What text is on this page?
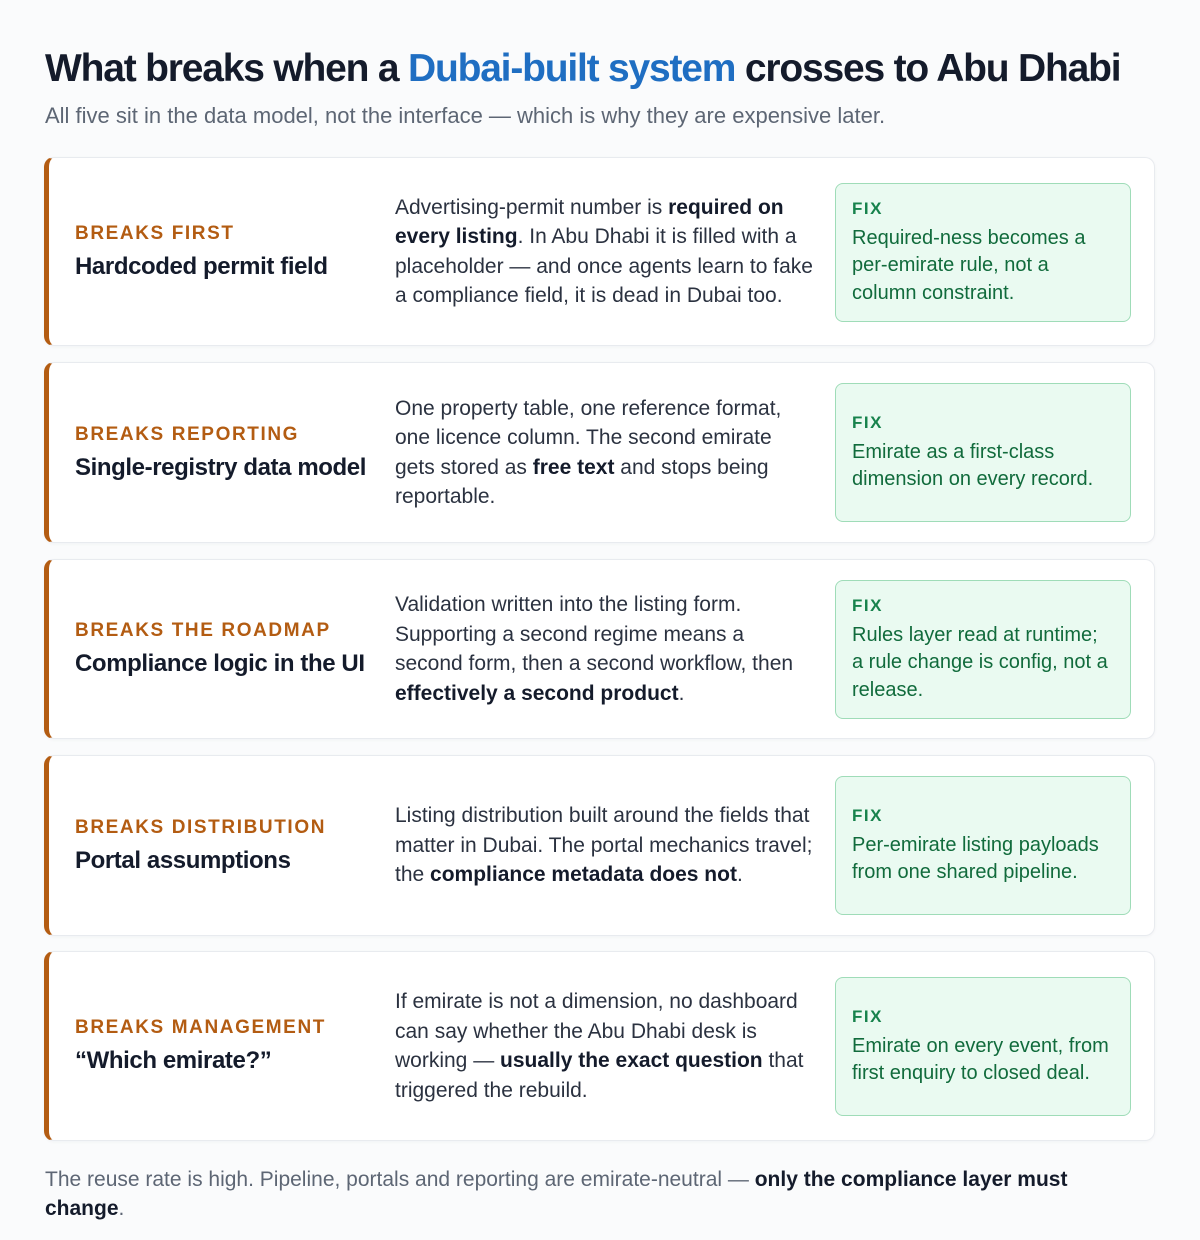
What breaks when a Dubai-built system crosses to Abu Dhabi

All five sit in the data model, not the interface — which is why they are expensive later.

BREAKS FIRST
Hardcoded permit field

Advertising-permit number is required on every listing. In Abu Dhabi it is filled with a placeholder — and once agents learn to fake a compliance field, it is dead in Dubai too.

FIX
Required-ness becomes a per-emirate rule, not a column constraint.
BREAKS REPORTING
Single-registry data model

One property table, one reference format, one licence column. The second emirate gets stored as free text and stops being reportable.

FIX
Emirate as a first-class dimension on every record.
BREAKS THE ROADMAP
Compliance logic in the UI

Validation written into the listing form. Supporting a second regime means a second form, then a second workflow, then effectively a second product.

FIX
Rules layer read at runtime; a rule change is config, not a release.
BREAKS DISTRIBUTION
Portal assumptions

Listing distribution built around the fields that matter in Dubai. The portal mechanics travel; the compliance metadata does not.

FIX
Per-emirate listing payloads from one shared pipeline.
BREAKS MANAGEMENT
“Which emirate?”

If emirate is not a dimension, no dashboard can say whether the Abu Dhabi desk is working — usually the exact question that triggered the rebuild.

FIX
Emirate on every event, from first enquiry to closed deal.

The reuse rate is high. Pipeline, portals and reporting are emirate-neutral — only the compliance layer must change.
